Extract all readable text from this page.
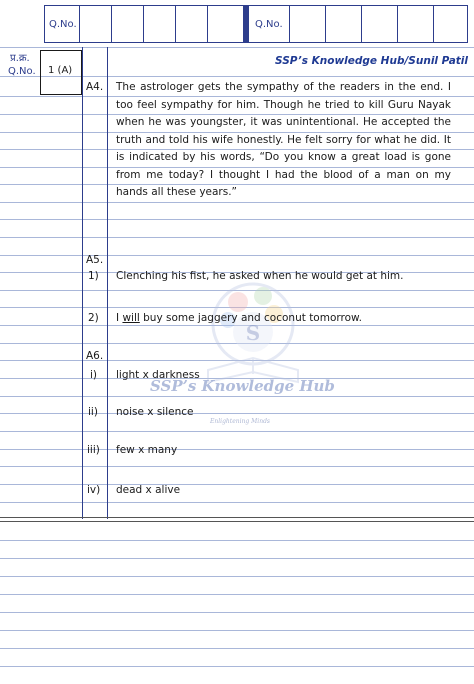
Q.No.	Q.No.
प्र.क्र.
Q.No.
SSP’s Knowledge Hub/Sunil Patil
1 (A)
S
SSP’s Knowledge Hub
Enlightening Minds
A4. The astrologer gets the sympathy of the readers in the end. I too feel sympathy for him. Though he tried to kill Guru Nayak when he was youngster, it was unintentional. He accepted the truth and told his wife honestly. He felt sorry for what he did. It is indicated by his words, “Do you know a great load is gone from me today? I thought I had the blood of a man on my hands all these years.”
A5.
1) Clenching his fist, he asked when he would get at him.
2) I will buy some jaggery and coconut tomorrow.
A6.
i) light x darkness
ii) noise x silence
iii) few x many
iv) dead x alive
